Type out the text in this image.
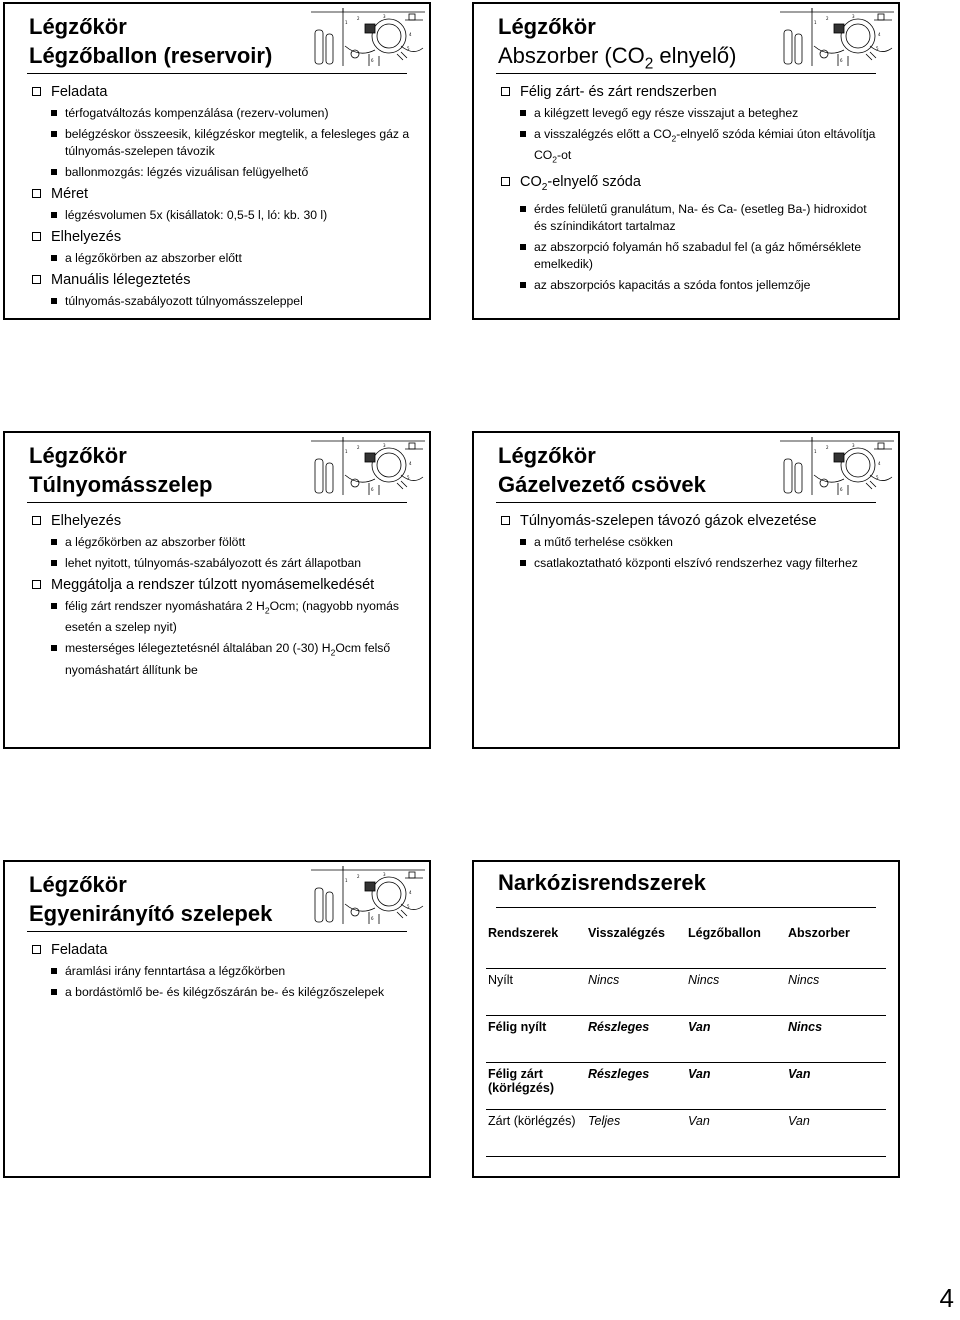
Légzőkör
Légzőballon (reservoir)
Feladata
térfogatváltozás kompenzálása (rezerv-volumen)
belégzéskor összeesik, kilégzéskor megtelik, a felesleges gáz a túlnyomás-szelepen távozik
ballonmozgás: légzés vizuálisan felügyelhető
Méret
légzésvolumen 5x (kisállatok: 0,5-5 l, ló: kb. 30 l)
Elhelyezés
a légzőkörben az abszorber előtt
Manuális lélegeztetés
túlnyomás-szabályozott túlnyomásszeleppel
Légzőkör
Abszorber ($CO_2$ elnyelő)
Félig zárt- és zárt rendszerben
a kilégzett levegő egy része visszajut a beteghez
a visszalégzés előtt a $CO_2$-elnyelő szóda kémiai úton eltávolítja $CO_2-ot$
$CO_2$-elnyelő szóda
érdes felületű granulátum, Na- és Ca- (esetleg Ba-) hidroxidot és színindikátort tartalmaz
az abszorpció folyamán hő szabadul fel (a gáz hőmérséklete emelkedik)
az abszorpciós kapacitás a szóda fontos jellemzője
Légzőkör
Túlnyomásszelep
Elhelyezés
a légzőkörben az abszorber fölött
lehet nyitott, túlnyomás-szabályozott és zárt állapotban
Meggátolja a rendszer túlzott nyomásemelkedését
félig zárt rendszer nyomáshatára 2 $H_2Ocm$; (nagyobb nyomás esetén a szelep nyit)
mesterséges lélegeztetésnél általában 20 (-30) $H_2Ocm$ felső nyomáshatárt állítunk be
Légzőkör
Gázelvezető csövek
Túlnyomás-szelepen távozó gázok elvezetése
a műtő terhelése csökken
csatlakoztatható központi elszívó rendszerhez vagy filterhez
Légzőkör
Egyenirányító szelepek
Feladata
áramlási irány fenntartása a légzőkörben
a bordástömlő be- és kilégzőszárán be- és kilégzőszelepek
Narkózisrendszerek
Rendszerek	Visszalégzés	Légzőballon	Abszorber
Nyílt	Nincs	Nincs	Nincs
Félig nyílt	Részleges	Van	Nincs
Félig zárt (körlégzés)	Részleges	Van	Van
Zárt (körlégzés)	Teljes	Van	Van
4
